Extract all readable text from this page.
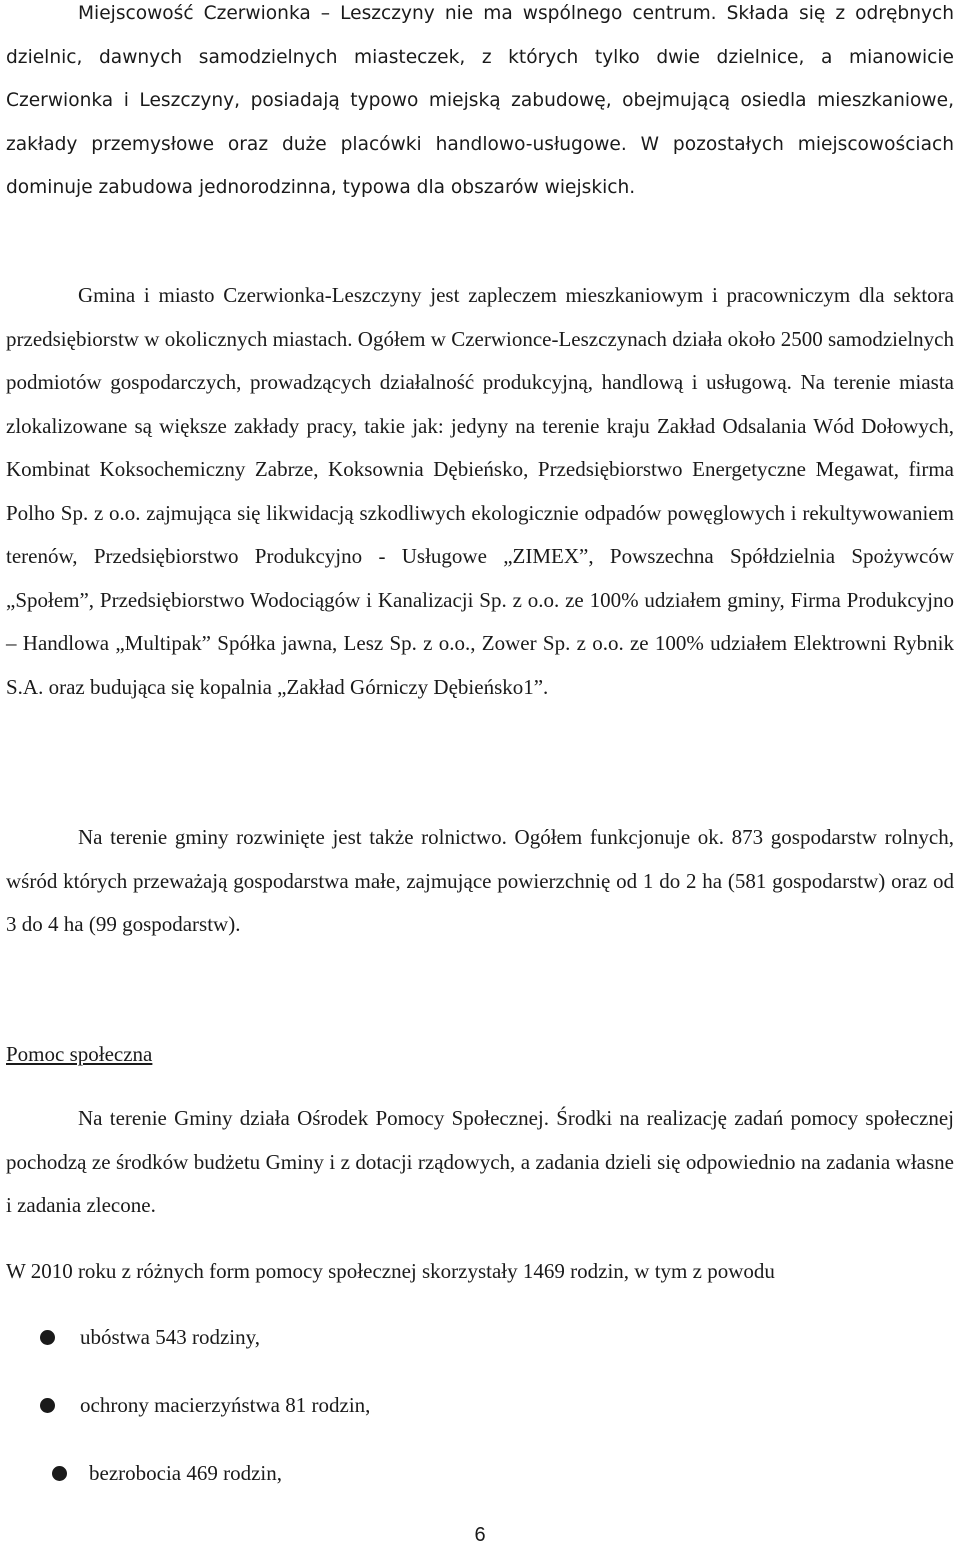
Miejscowość Czerwionka – Leszczyny nie ma wspólnego centrum. Składa się z odrębnych dzielnic, dawnych samodzielnych miasteczek, z których tylko dwie dzielnice, a mianowicie Czerwionka i Leszczyny, posiadają typowo miejską zabudowę, obejmującą osiedla mieszkaniowe, zakłady przemysłowe oraz duże placówki handlowo-usługowe. W pozostałych miejscowościach dominuje zabudowa jednorodzinna, typowa dla obszarów wiejskich.

Gmina i miasto Czerwionka-Leszczyny jest zapleczem mieszkaniowym i pracowniczym dla sektora przedsiębiorstw w okolicznych miastach. Ogółem w Czerwionce-Leszczynach działa około 2500 samodzielnych podmiotów gospodarczych, prowadzących działalność produkcyjną, handlową i usługową. Na terenie miasta zlokalizowane są większe zakłady pracy, takie jak: jedyny na terenie kraju Zakład Odsalania Wód Dołowych, Kombinat Koksochemiczny Zabrze, Koksownia Dębieńsko, Przedsiębiorstwo Energetyczne Megawat, firma Polho Sp. z o.o. zajmująca się likwidacją szkodliwych ekologicznie odpadów powęglowych i rekultywowaniem terenów, Przedsiębiorstwo Produkcyjno - Usługowe „ZIMEX”, Powszechna Spółdzielnia Spożywców „Społem”, Przedsiębiorstwo Wodociągów i Kanalizacji Sp. z o.o. ze 100% udziałem gminy, Firma Produkcyjno – Handlowa „Multipak” Spółka jawna, Lesz Sp. z o.o., Zower Sp. z o.o. ze 100% udziałem Elektrowni Rybnik S.A. oraz budująca się kopalnia „Zakład Górniczy Dębieńsko1”.

Na terenie gminy rozwinięte jest także rolnictwo. Ogółem funkcjonuje ok. 873 gospodarstw rolnych, wśród których przeważają gospodarstwa małe, zajmujące powierzchnię od 1 do 2 ha (581 gospodarstw) oraz od 3 do 4 ha (99 gospodarstw).

Pomoc społeczna

Na terenie Gminy działa Ośrodek Pomocy Społecznej. Środki na realizację zadań pomocy społecznej pochodzą ze środków budżetu Gminy i z dotacji rządowych, a zadania dzieli się odpowiednio na zadania własne i zadania zlecone.

W 2010 roku z różnych form pomocy społecznej skorzystały 1469 rodzin, w tym z powodu

ubóstwa 543 rodziny,
ochrony macierzyństwa 81 rodzin,
bezrobocia 469 rodzin,
6
